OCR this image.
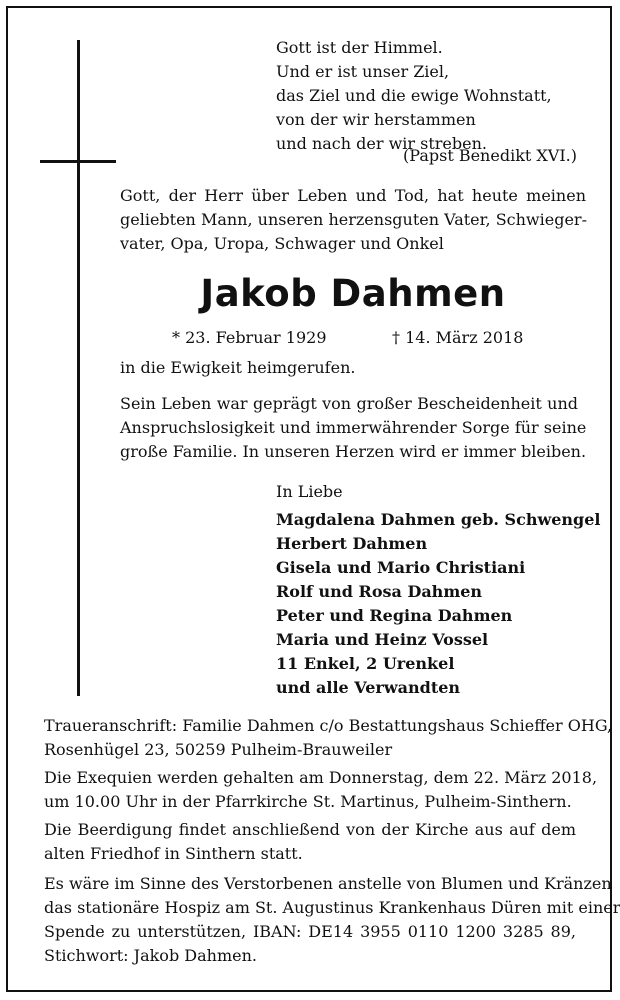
Gott ist der Himmel.
Und er ist unser Ziel,
das Ziel und die ewige Wohnstatt,
von der wir herstammen
und nach der wir streben.
(Papst Benedikt XVI.)
Gott, der Herr über Leben und Tod, hat heute meinen
geliebten Mann, unseren herzensguten Vater, Schwieger-
vater, Opa, Uropa, Schwager und Onkel
Jakob Dahmen
* 23. Februar 1929	† 14. März 2018
in die Ewigkeit heimgerufen.
Sein Leben war geprägt von großer Bescheidenheit und
Anspruchslosigkeit und immerwährender Sorge für seine
große Familie. In unseren Herzen wird er immer bleiben.
In Liebe
Magdalena Dahmen geb. Schwengel
Herbert Dahmen
Gisela und Mario Christiani
Rolf und Rosa Dahmen
Peter und Regina Dahmen
Maria und Heinz Vossel
11 Enkel, 2 Urenkel
und alle Verwandten
Traueranschrift: Familie Dahmen c/o Bestattungshaus Schieffer OHG,
Rosenhügel 23, 50259 Pulheim-Brauweiler
Die Exequien werden gehalten am Donnerstag, dem 22. März 2018,
um 10.00 Uhr in der Pfarrkirche St. Martinus, Pulheim-Sinthern.
Die Beerdigung findet anschließend von der Kirche aus auf dem
alten Friedhof in Sinthern statt.
Es wäre im Sinne des Verstorbenen anstelle von Blumen und Kränzen
das stationäre Hospiz am St. Augustinus Krankenhaus Düren mit einer
Spende zu unterstützen, IBAN: DE14 3955 0110 1200 3285 89,
Stichwort: Jakob Dahmen.
